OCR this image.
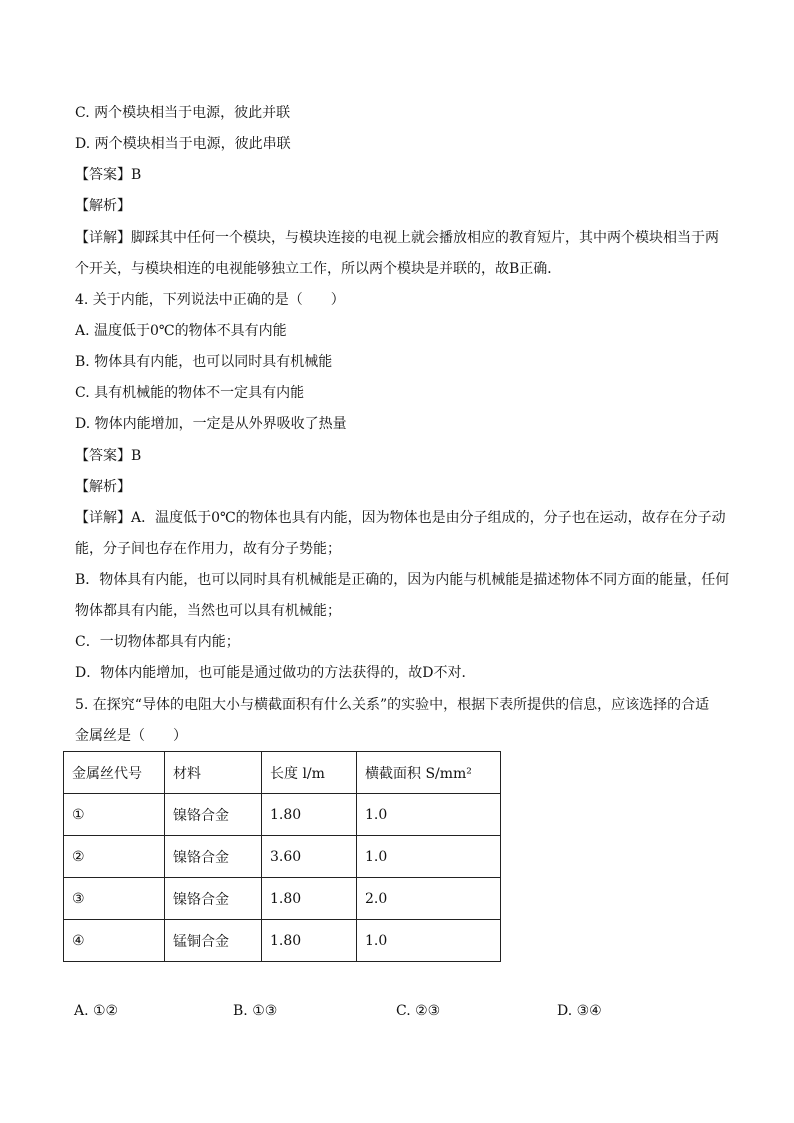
C. 两个模块相当于电源，彼此并联
D. 两个模块相当于电源，彼此串联
【答案】B
【解析】
【详解】脚踩其中任何一个模块，与模块连接的电视上就会播放相应的教育短片，其中两个模块相当于两
个开关，与模块相连的电视能够独立工作，所以两个模块是并联的，故B正确．
4. 关于内能，下列说法中正确的是（　　）
A. 温度低于0℃的物体不具有内能
B. 物体具有内能，也可以同时具有机械能
C. 具有机械能的物体不一定具有内能
D. 物体内能增加，一定是从外界吸收了热量
【答案】B
【解析】
【详解】A．温度低于0℃的物体也具有内能，因为物体也是由分子组成的，分子也在运动，故存在分子动
能，分子间也存在作用力，故有分子势能；
B．物体具有内能，也可以同时具有机械能是正确的，因为内能与机械能是描述物体不同方面的能量，任何
物体都具有内能，当然也可以具有机械能；
C．一切物体都具有内能；
D．物体内能增加，也可能是通过做功的方法获得的，故D不对．
5. 在探究“导体的电阻大小与横截面积有什么关系”的实验中，根据下表所提供的信息，应该选择的合适
金属丝是（　　）
金属丝代号	材料	长度 l/m	横截面积 S/mm²
①	镍铬合金	1.80	1.0
②	镍铬合金	3.60	1.0
③	镍铬合金	1.80	2.0
④	锰铜合金	1.80	1.0
A. ①②	B. ①③	C. ②③	D. ③④
